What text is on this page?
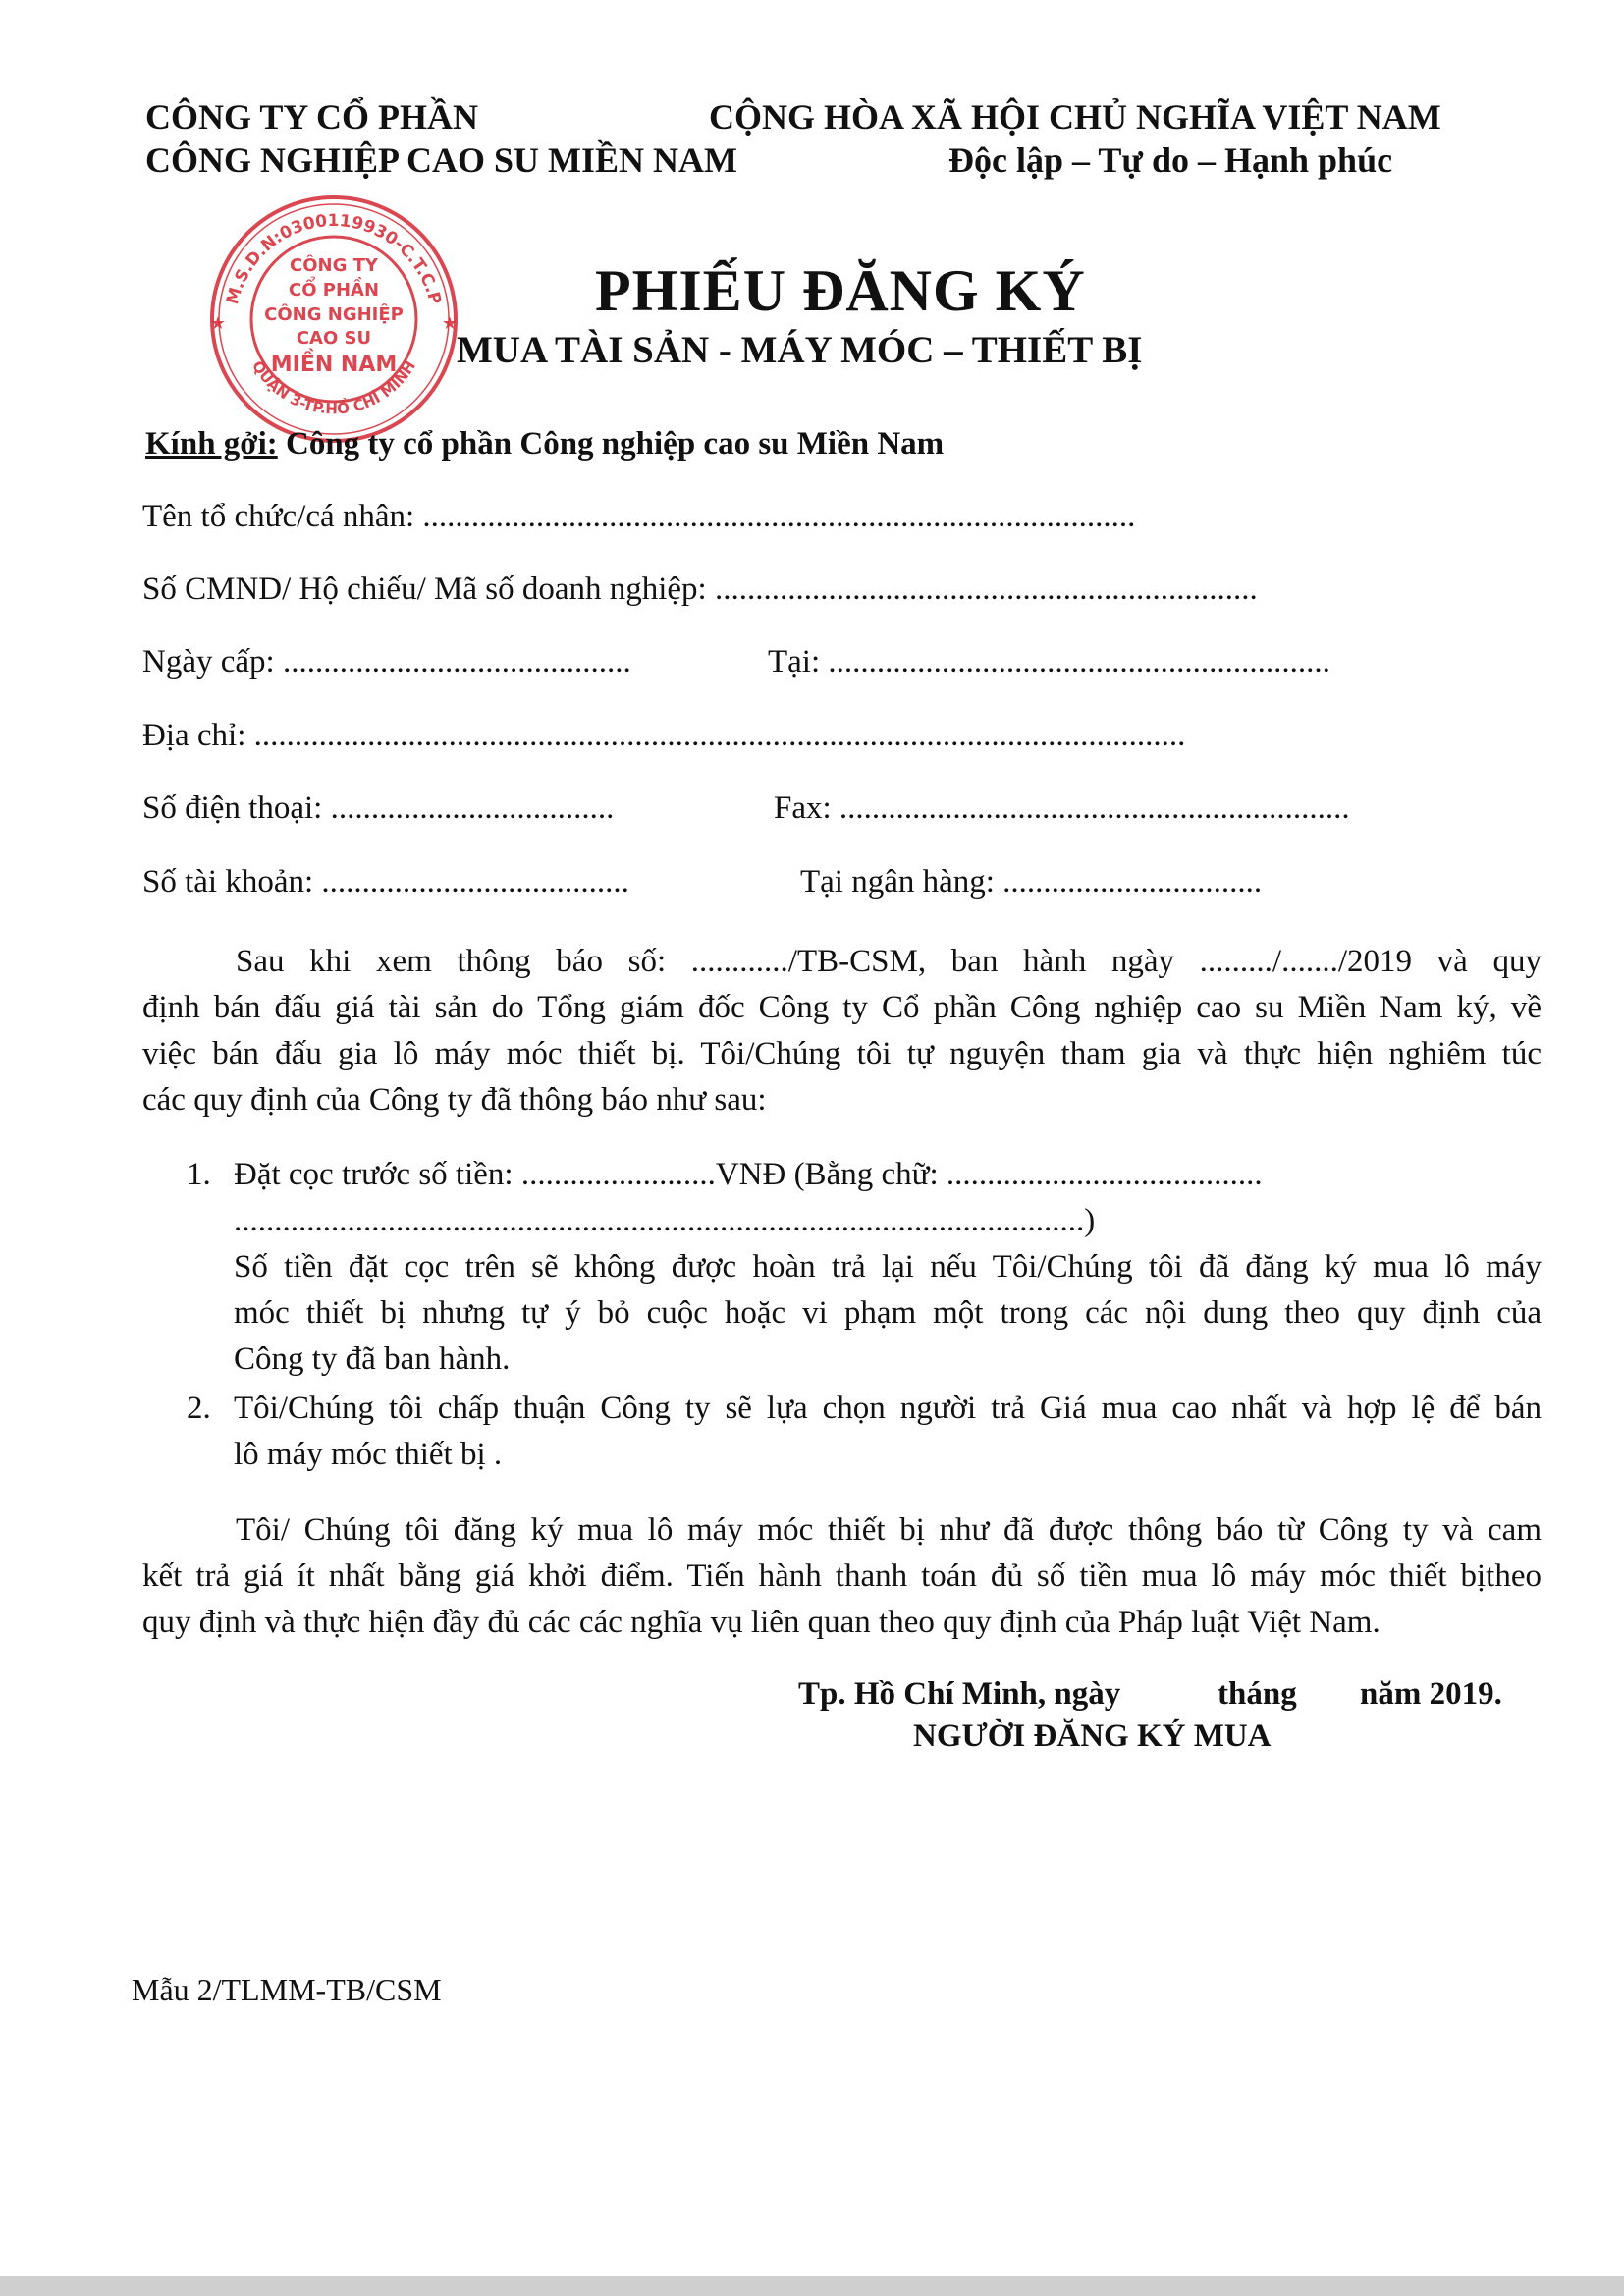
CÔNG TY CỔ PHẦN
CÔNG NGHIỆP CAO SU MIỀN NAM
CỘNG HÒA XÃ HỘI CHỦ NGHĨA VIỆT NAM
Độc lập – Tự do – Hạnh phúc
PHIẾU ĐĂNG KÝ
MUA TÀI SẢN - MÁY MÓC – THIẾT BỊ
M.S.D.N:0300119930-C.T.C.P
QUẬN 3-TP.HỒ CHÍ MINH
CÔNG TY
CỔ PHẦN
CÔNG NGHIỆP
CAO SU
MIỀN NAM
★	★
Kính gởi: Công ty cổ phần Công nghiệp cao su Miền Nam
Tên tổ chức/cá nhân: ........................................................................................
Số CMND/ Hộ chiếu/ Mã số doanh nghiệp: ...................................................................
Ngày cấp: ...........................................	Tại: ..............................................................
Địa chỉ: ...................................................................................................................
Số điện thoại: ...................................	Fax: ...............................................................
Số tài khoản: ......................................	Tại ngân hàng: ................................
Sau khi xem thông báo số: ............/TB-CSM, ban hành ngày ........./......./2019 và quy
định bán đấu giá tài sản do Tổng giám đốc Công ty Cổ phần Công nghiệp cao su Miền Nam ký, về
việc bán đấu gia lô máy móc thiết bị. Tôi/Chúng tôi tự nguyện tham gia và thực hiện nghiêm túc
các quy định của Công ty đã thông báo như sau:
1. Đặt cọc trước số tiền: ........................VNĐ (Bằng chữ: .......................................
.........................................................................................................)
Số tiền đặt cọc trên sẽ không được hoàn trả lại nếu Tôi/Chúng tôi đã đăng ký mua lô máy
móc thiết bị nhưng tự ý bỏ cuộc hoặc vi phạm một trong các nội dung theo quy định của
Công ty đã ban hành.
2. Tôi/Chúng tôi chấp thuận Công ty sẽ lựa chọn người trả Giá mua cao nhất và hợp lệ để bán
lô máy móc thiết bị .
Tôi/ Chúng tôi đăng ký mua lô máy móc thiết bị như đã được thông báo từ Công ty và cam
kết trả giá ít nhất bằng giá khởi điểm. Tiến hành thanh toán đủ số tiền mua lô máy móc thiết bịtheo
quy định và thực hiện đầy đủ các các nghĩa vụ liên quan theo quy định của Pháp luật Việt Nam.
Tp. Hồ Chí Minh, ngày	tháng năm 2019.
NGƯỜI ĐĂNG KÝ MUA
Mẫu 2/TLMM-TB/CSM
